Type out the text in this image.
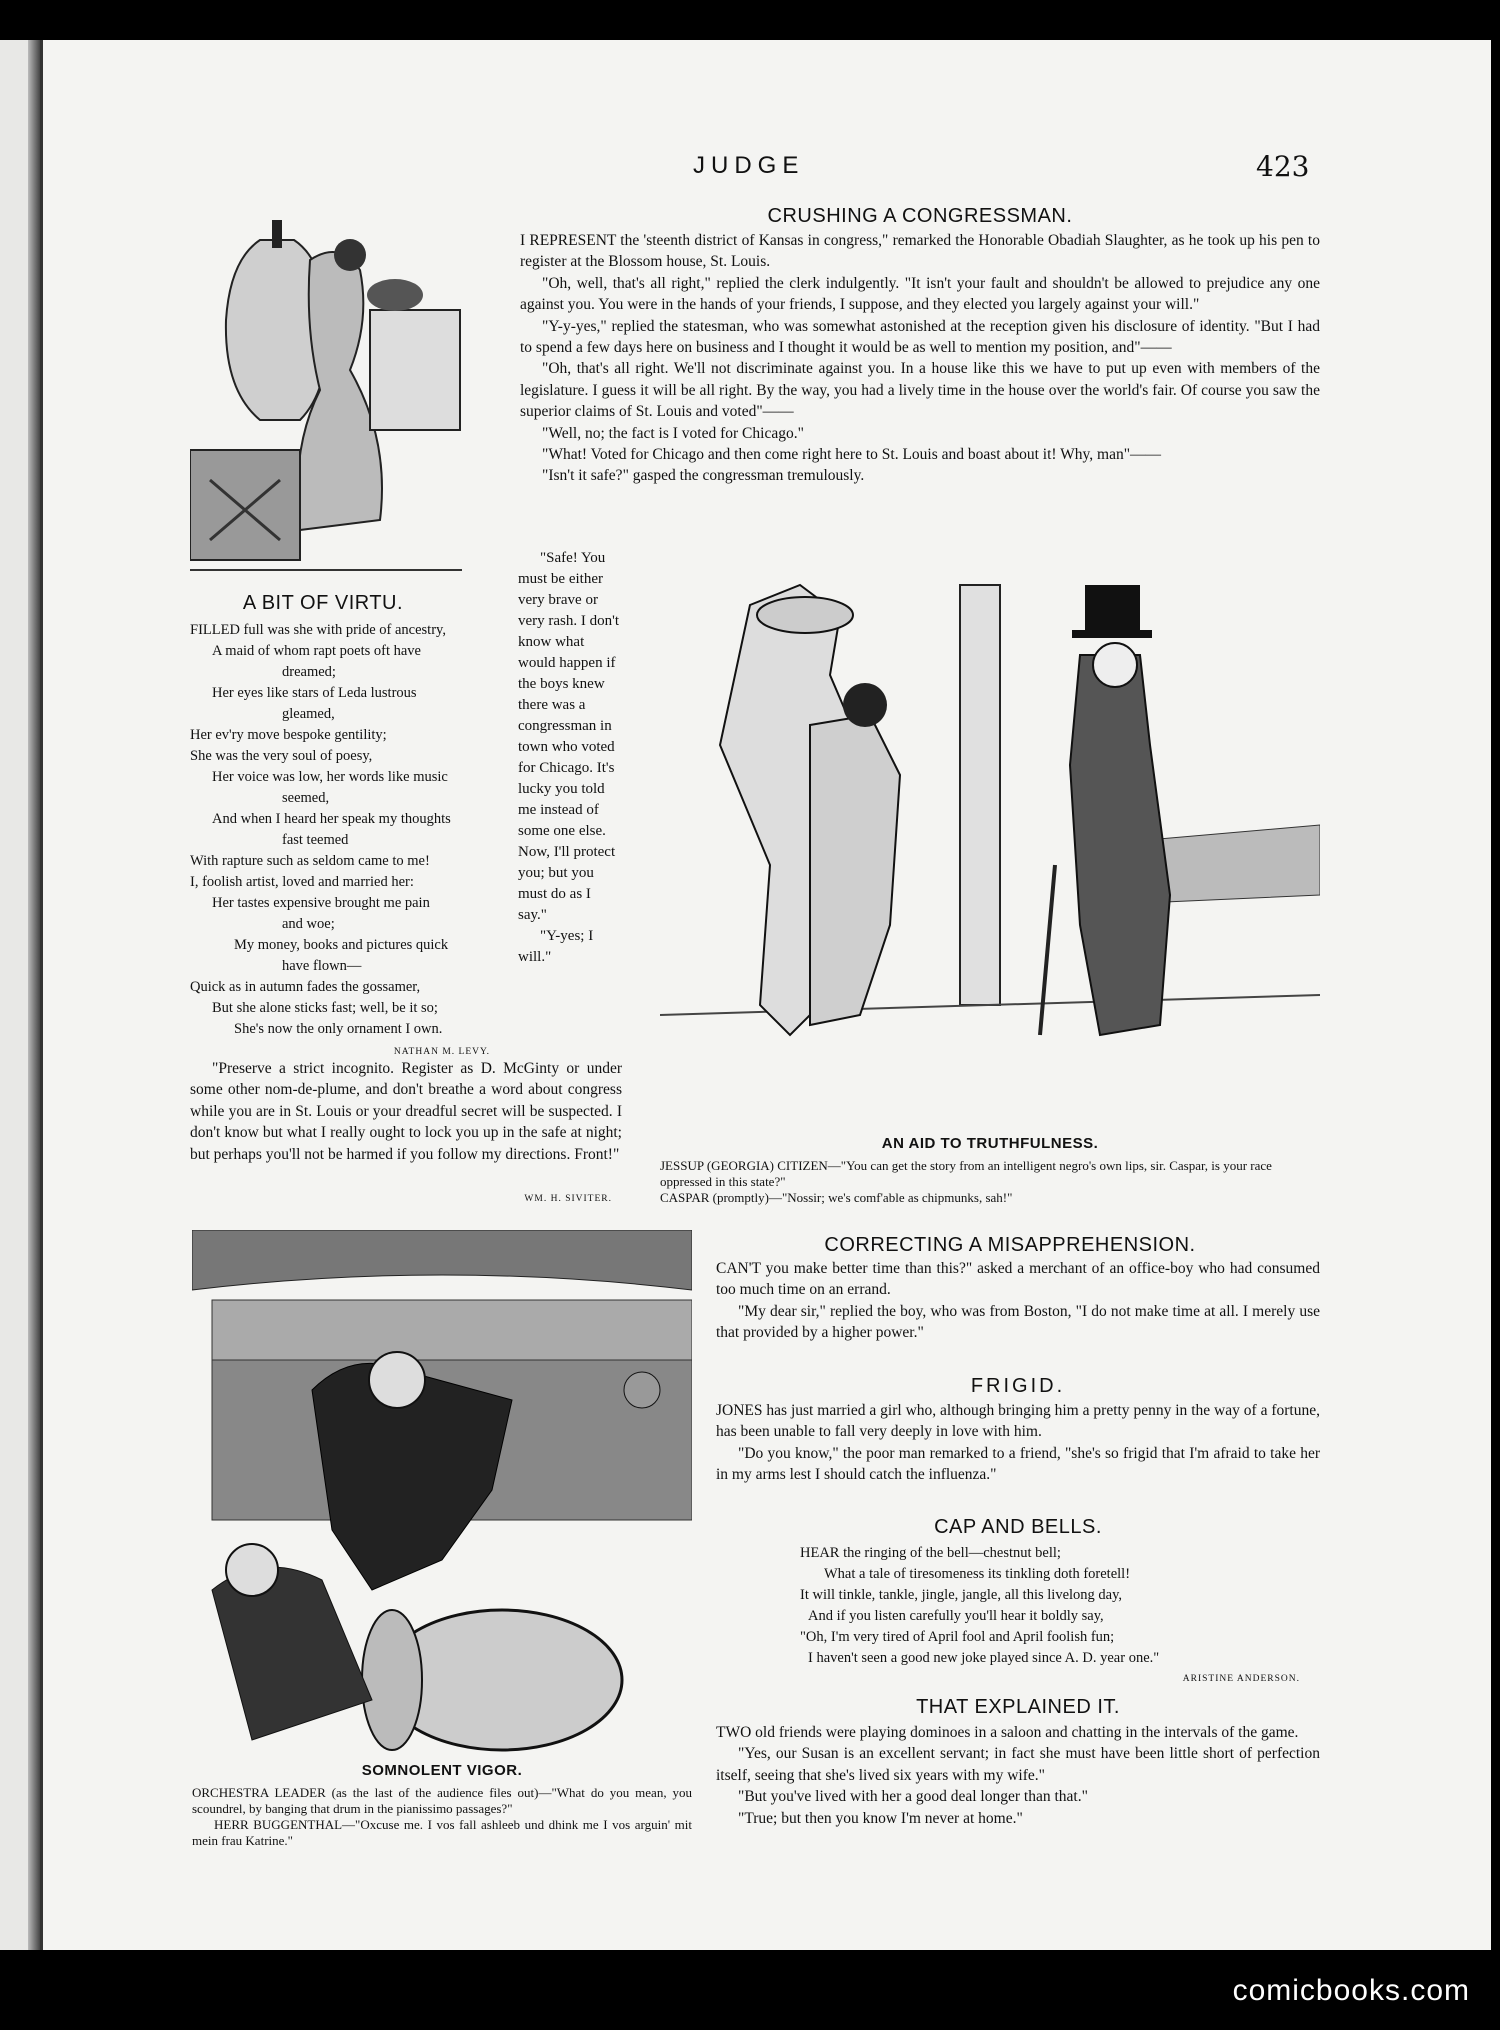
JUDGE	423
A BIT OF VIRTU.
FILLED full was she with pride of ancestry,
A maid of whom rapt poets oft have
dreamed;
Her eyes like stars of Leda lustrous
gleamed,
Her ev'ry move bespoke gentility;
She was the very soul of poesy,
Her voice was low, her words like music
seemed,
And when I heard her speak my thoughts
fast teemed
With rapture such as seldom came to me!
I, foolish artist, loved and married her:
Her tastes expensive brought me pain
and woe;
My money, books and pictures quick
have flown—
Quick as in autumn fades the gossamer,
But she alone sticks fast; well, be it so;
She's now the only ornament I own.
NATHAN M. LEVY.
CRUSHING A CONGRESSMAN.

I REPRESENT the 'steenth district of Kansas in congress," remarked the Honorable Obadiah Slaughter, as he took up his pen to register at the Blossom house, St. Louis.

"Oh, well, that's all right," replied the clerk indulgently. "It isn't your fault and shouldn't be allowed to prejudice any one against you. You were in the hands of your friends, I suppose, and they elected you largely against your will."

"Y-y-yes," replied the statesman, who was somewhat astonished at the reception given his disclosure of identity. "But I had to spend a few days here on business and I thought it would be as well to mention my position, and"——

"Oh, that's all right. We'll not discriminate against you. In a house like this we have to put up even with members of the legislature. I guess it will be all right. By the way, you had a lively time in the house over the world's fair. Of course you saw the superior claims of St. Louis and voted"——

"Well, no; the fact is I voted for Chicago."

"What! Voted for Chicago and then come right here to St. Louis and boast about it! Why, man"——

"Isn't it safe?" gasped the congressman tremulously.

"Safe! You must be either very brave or very rash. I don't know what would happen if the boys knew there was a congressman in town who voted for Chicago. It's lucky you told me instead of some one else. Now, I'll protect you; but you must do as I say."

"Y-yes; I will."

"Preserve a strict incognito. Register as D. McGinty or under some other nom-de-plume, and don't breathe a word about congress while you are in St. Louis or your dreadful secret will be suspected. I don't know but what I really ought to lock you up in the safe at night; but perhaps you'll not be harmed if you follow my directions. Front!"

WM. H. SIVITER.
AN AID TO TRUTHFULNESS.
JESSUP (GEORGIA) CITIZEN—"You can get the story from an intelligent negro's own lips, sir. Caspar, is your race oppressed in this state?"
CASPAR (promptly)—"Nossir; we's comf'able as chipmunks, sah!"
SOMNOLENT VIGOR.
ORCHESTRA LEADER (as the last of the audience files out)—"What do you mean, you scoundrel, by banging that drum in the pianissimo passages?"
HERR BUGGENTHAL—"Oxcuse me. I vos fall ashleeb und dhink me I vos arguin' mit mein frau Katrine."
CORRECTING A MISAPPREHENSION.

CAN'T you make better time than this?" asked a merchant of an office-boy who had consumed too much time on an errand.

"My dear sir," replied the boy, who was from Boston, "I do not make time at all. I merely use that provided by a higher power."

FRIGID.

JONES has just married a girl who, although bringing him a pretty penny in the way of a fortune, has been unable to fall very deeply in love with him.

"Do you know," the poor man remarked to a friend, "she's so frigid that I'm afraid to take her in my arms lest I should catch the influenza."

CAP AND BELLS.
HEAR the ringing of the bell—chestnut bell;
What a tale of tiresomeness its tinkling doth foretell!
It will tinkle, tankle, jingle, jangle, all this livelong day,
And if you listen carefully you'll hear it boldly say,
"Oh, I'm very tired of April fool and April foolish fun;
I haven't seen a good new joke played since A. D. year one."
ARISTINE ANDERSON.
THAT EXPLAINED IT.

TWO old friends were playing dominoes in a saloon and chatting in the intervals of the game.

"Yes, our Susan is an excellent servant; in fact she must have been little short of perfection itself, seeing that she's lived six years with my wife."

"But you've lived with her a good deal longer than that."

"True; but then you know I'm never at home."

comicbooks.com
